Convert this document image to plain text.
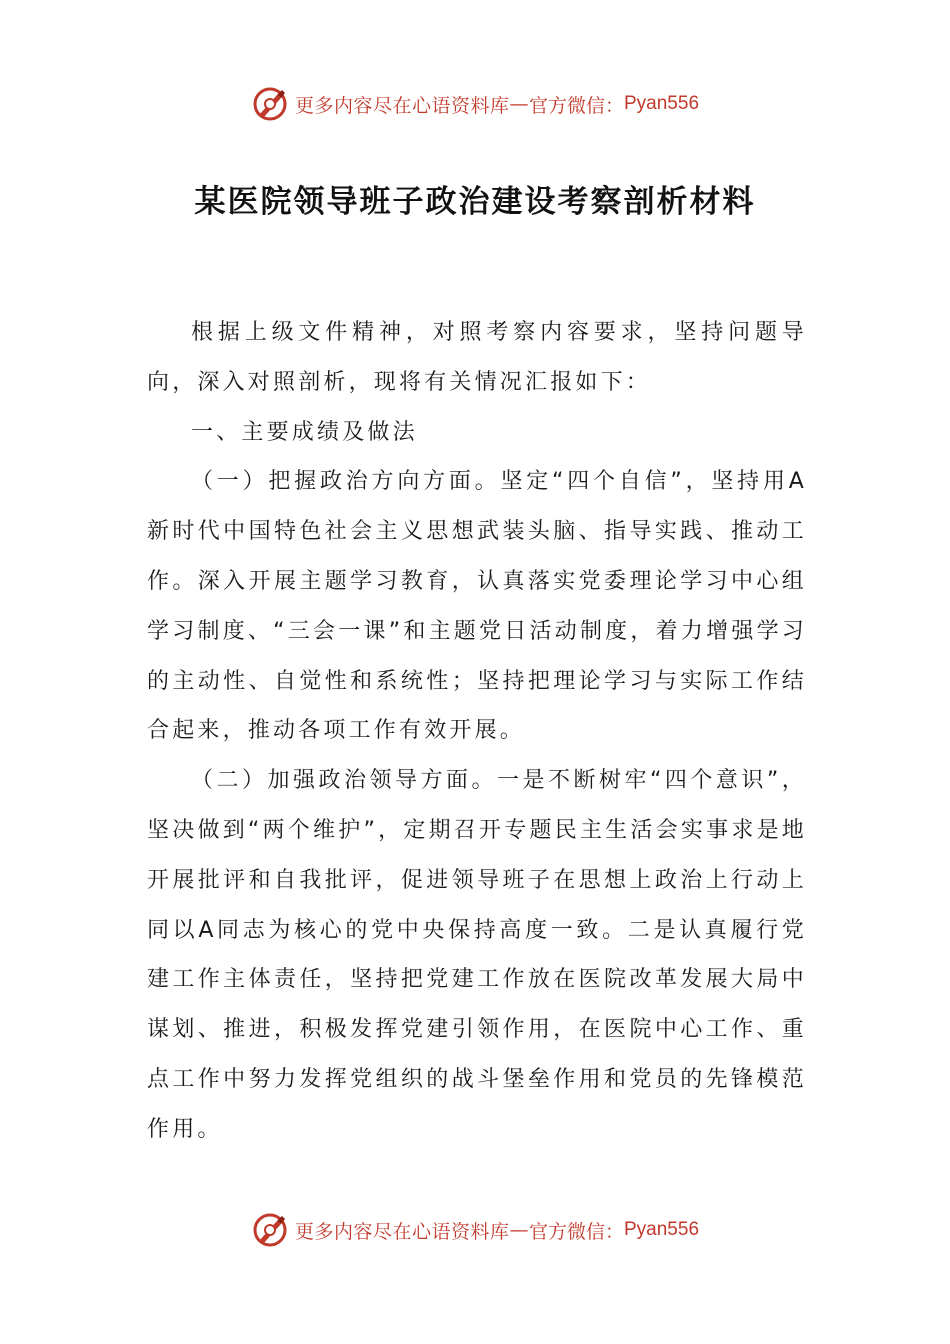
更多内容尽在心语资料库 — 官方微信： Pyan556
某医院领导班子政治建设考察剖析材料

根据上级文件精神，对照考察内容要求，坚持问题导向，深入对照剖析，现将有关情况汇报如下：

一、主要成绩及做法

（一）把握政治方向方面。坚定“四个自信”，坚持用A新时代中国特色社会主义思想武装头脑、指导实践、推动工作。深入开展主题学习教育，认真落实党委理论学习中心组学习制度、“三会一课”和主题党日活动制度，着力增强学习的主动性、自觉性和系统性；坚持把理论学习与实际工作结合起来，推动各项工作有效开展。

（二）加强政治领导方面。一是不断树牢“四个意识”，坚决做到“两个维护”，定期召开专题民主生活会实事求是地开展批评和自我批评，促进领导班子在思想上政治上行动上同以A同志为核心的党中央保持高度一致。二是认真履行党建工作主体责任，坚持把党建工作放在医院改革发展大局中谋划、推进，积极发挥党建引领作用，在医院中心工作、重点工作中努力发挥党组织的战斗堡垒作用和党员的先锋模范作用。

更多内容尽在心语资料库 — 官方微信： Pyan556
